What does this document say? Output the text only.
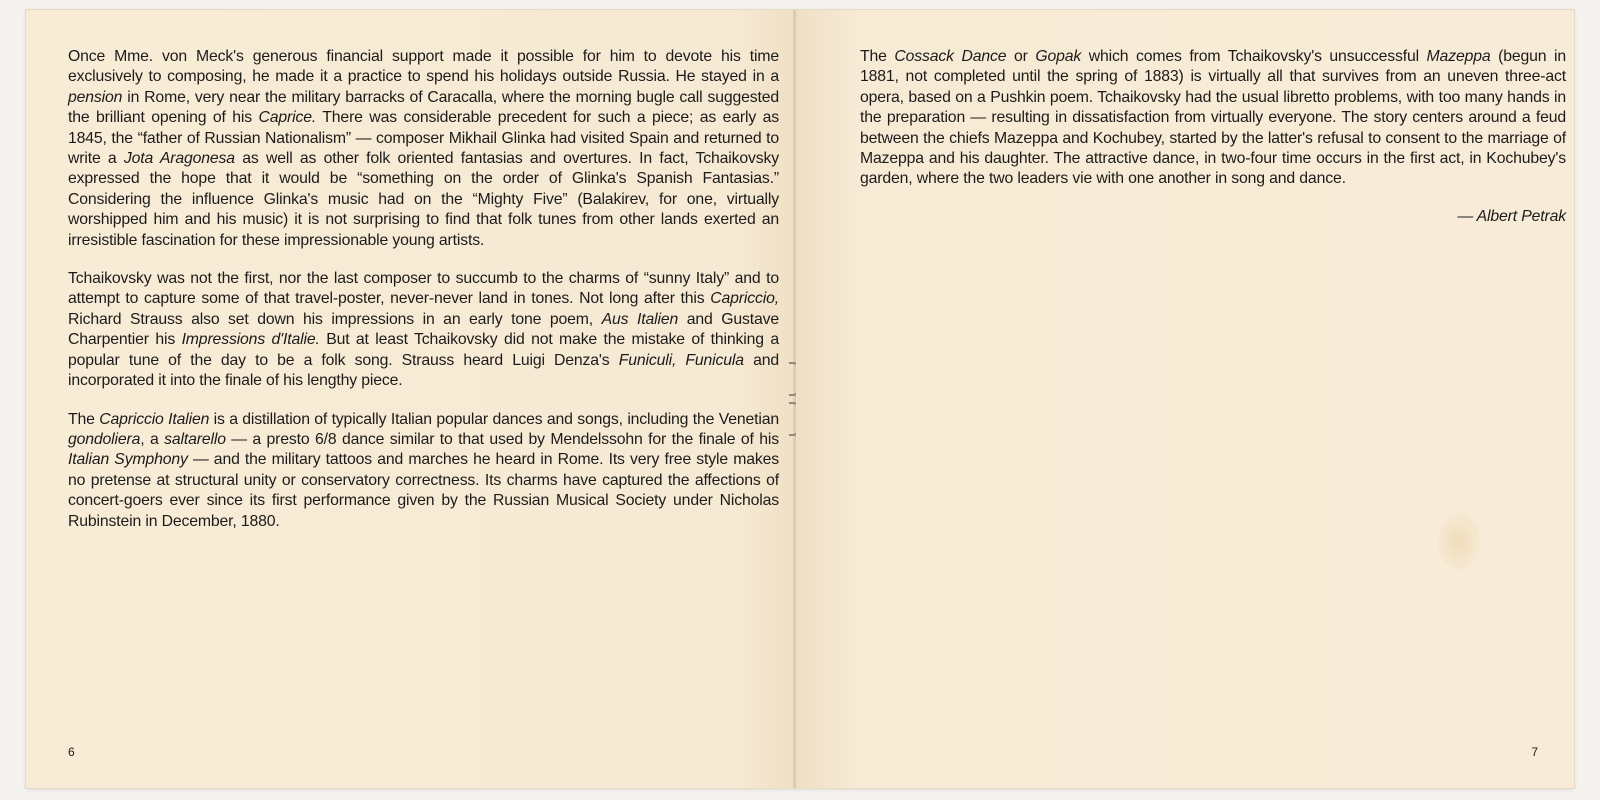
Once Mme. von Meck's generous financial support made it possible for him to devote his time exclusively to composing, he made it a practice to spend his holidays outside Russia. He stayed in a pension in Rome, very near the military barracks of Caracalla, where the morning bugle call suggested the brilliant opening of his Caprice. There was considerable precedent for such a piece; as early as 1845, the “father of Russian Nationalism” — composer Mikhail Glinka had visited Spain and returned to write a Jota Aragonesa as well as other folk oriented fantasias and overtures. In fact, Tchaikovsky expressed the hope that it would be “something on the order of Glinka's Spanish Fantasias.” Considering the influence Glinka's music had on the “Mighty Five” (Balakirev, for one, virtually worshipped him and his music) it is not surprising to find that folk tunes from other lands exerted an irresistible fascination for these impressionable young artists.

Tchaikovsky was not the first, nor the last composer to succumb to the charms of “sunny Italy” and to attempt to capture some of that travel-poster, never-never land in tones. Not long after this Capriccio, Richard Strauss also set down his impressions in an early tone poem, Aus Italien and Gustave Charpentier his Impressions d'Italie. But at least Tchaikovsky did not make the mistake of thinking a popular tune of the day to be a folk song. Strauss heard Luigi Denza's Funiculi, Funicula and incorporated it into the finale of his lengthy piece.

The Capriccio Italien is a distillation of typically Italian popular dances and songs, including the Venetian gondoliera, a saltarello — a presto 6/8 dance similar to that used by Mendelssohn for the finale of his Italian Symphony — and the military tattoos and marches he heard in Rome. Its very free style makes no pretense at structural unity or conservatory correctness. Its charms have captured the affections of concert-goers ever since its first performance given by the Russian Musical Society under Nicholas Rubinstein in December, 1880.

6

The Cossack Dance or Gopak which comes from Tchaikovsky's unsuccessful Mazeppa (begun in 1881, not completed until the spring of 1883) is virtually all that survives from an uneven three-act opera, based on a Pushkin poem. Tchaikovsky had the usual libretto problems, with too many hands in the preparation — resulting in dissatisfaction from virtually everyone. The story centers around a feud between the chiefs Mazeppa and Kochubey, started by the latter's refusal to consent to the marriage of Mazeppa and his daughter. The attractive dance, in two-four time occurs in the first act, in Kochubey's garden, where the two leaders vie with one another in song and dance.

— Albert Petrak
7
